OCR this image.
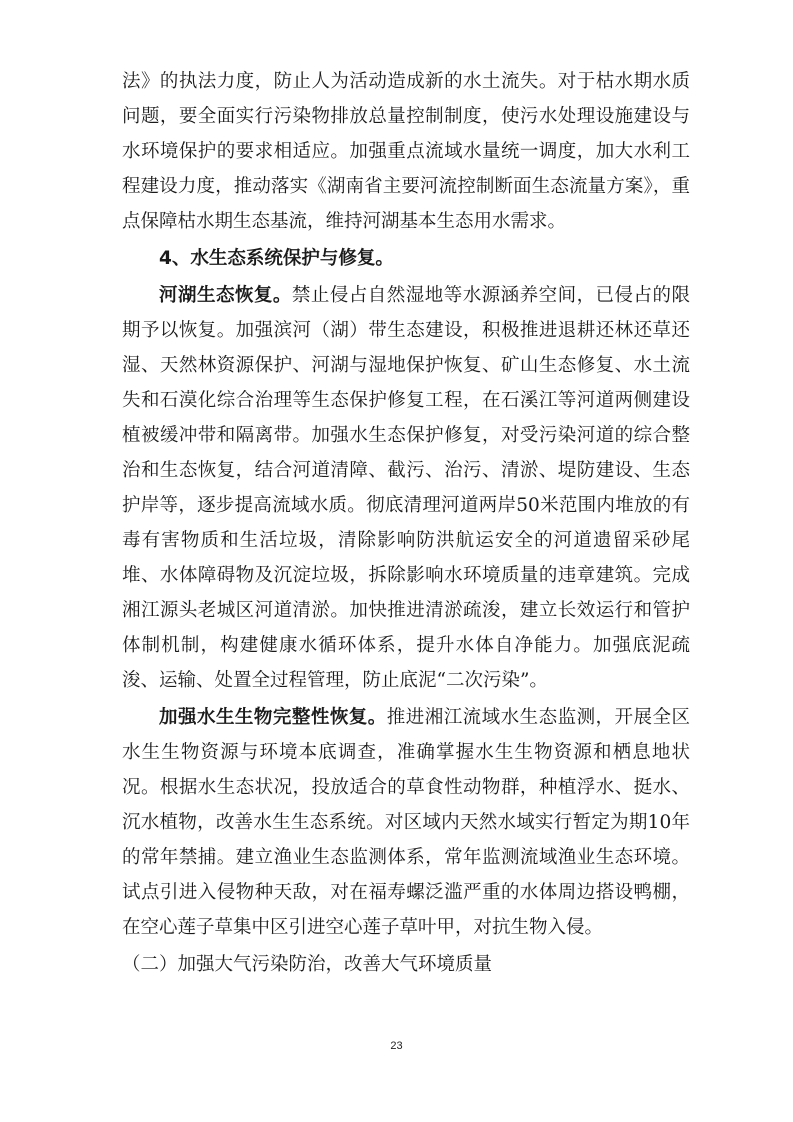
法》的执法力度，防止人为活动造成新的水土流失。对于枯水期水质问题，要全面实行污染物排放总量控制制度，使污水处理设施建设与水环境保护的要求相适应。加强重点流域水量统一调度，加大水利工程建设力度，推动落实《湖南省主要河流控制断面生态流量方案》，重点保障枯水期生态基流，维持河湖基本生态用水需求。

4、水生态系统保护与修复。

河湖生态恢复。禁止侵占自然湿地等水源涵养空间，已侵占的限期予以恢复。加强滨河（湖）带生态建设，积极推进退耕还林还草还湿、天然林资源保护、河湖与湿地保护恢复、矿山生态修复、水土流失和石漠化综合治理等生态保护修复工程，在石溪江等河道两侧建设植被缓冲带和隔离带。加强水生态保护修复，对受污染河道的综合整治和生态恢复，结合河道清障、截污、治污、清淤、堤防建设、生态护岸等，逐步提高流域水质。彻底清理河道两岸50米范围内堆放的有毒有害物质和生活垃圾，清除影响防洪航运安全的河道遗留采砂尾堆、水体障碍物及沉淀垃圾，拆除影响水环境质量的违章建筑。完成湘江源头老城区河道清淤。加快推进清淤疏浚，建立长效运行和管护体制机制，构建健康水循环体系，提升水体自净能力。加强底泥疏浚、运输、处置全过程管理，防止底泥“二次污染”。

加强水生生物完整性恢复。推进湘江流域水生态监测，开展全区水生生物资源与环境本底调查，准确掌握水生生物资源和栖息地状况。根据水生态状况，投放适合的草食性动物群，种植浮水、挺水、沉水植物，改善水生生态系统。对区域内天然水域实行暂定为期10年的常年禁捕。建立渔业生态监测体系，常年监测流域渔业生态环境。试点引进入侵物种天敌，对在福寿螺泛滥严重的水体周边搭设鸭棚，在空心莲子草集中区引进空心莲子草叶甲，对抗生物入侵。

（二）加强大气污染防治，改善大气环境质量

23
